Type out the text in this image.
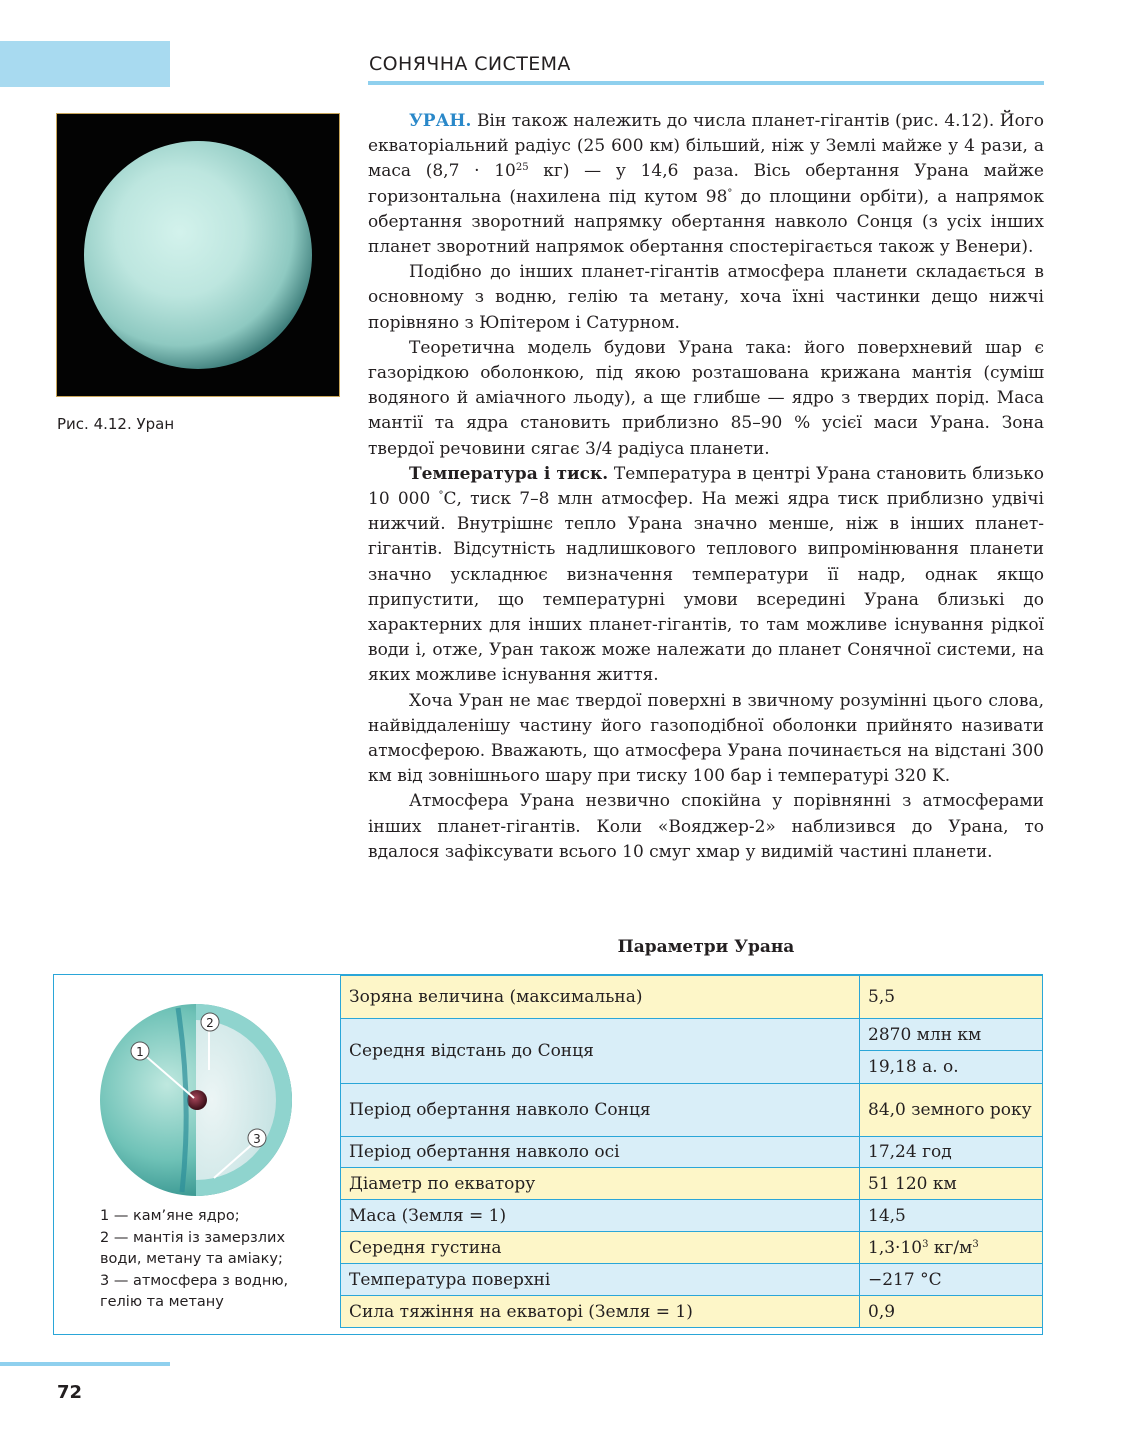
СОНЯЧНА СИСТЕМА
Рис. 4.12. Уран

УРАН. Він також належить до числа планет-гігантів (рис. 4.12). Його екваторіальний радіус (25 600 км) більший, ніж у Землі майже у 4 рази, а маса ($8,7 \cdot 10^{25}$ кг) — у 14,6 раза. Вісь обертання Урана майже горизонтальна (нахилена під кутом 98° до площини орбіти), а напрямок обертання зворотний напрямку обертання навколо Сонця (з усіх інших планет зворотний напрямок обертання спостерігається також у Венери).

Подібно до інших планет-гігантів атмосфера планети складається в основному з водню, гелію та метану, хоча їхні частинки дещо нижчі порівняно з Юпітером і Сатурном.

Теоретична модель будови Урана така: його поверхневий шар є газорідкою оболонкою, під якою розташована крижана мантія (суміш водяного й аміачного льоду), а ще глибше — ядро з твердих порід. Маса мантії та ядра становить приблизно 85–90 % усієї маси Урана. Зона твердої речовини сягає 3/4 радіуса планети.

Температура і тиск. Температура в центрі Урана становить близько 10 000 °С, тиск 7–8 млн атмосфер. На межі ядра тиск приблизно удвічі нижчий. Внутрішнє тепло Урана значно менше, ніж в інших планет-гігантів. Відсутність надлишкового теплового випромінювання планети значно ускладнює визначення температури її надр, однак якщо припустити, що температурні умови всередині Урана близькі до характерних для інших планет-гігантів, то там можливе існування рідкої води і, отже, Уран також може належати до планет Сонячної системи, на яких можливе існування життя.

Хоча Уран не має твердої поверхні в звичному розумінні цього слова, найвіддаленішу частину його газоподібної оболонки прийнято називати атмосферою. Вважають, що атмосфера Урана починається на відстані 300 км від зовнішнього шару при тиску 100 бар і температурі 320 K.

Атмосфера Урана незвично спокійна у порівнянні з атмосферами інших планет-гігантів. Коли «Вояджер-2» наблизився до Урана, то вдалося зафіксувати всього 10 смуг хмар у видимій частині планети.

Параметри Урана
1
2
3
1 — кам’яне ядро;
2 — мантія із замерзлих
води, метану та аміаку;
3 — атмосфера з водню,
гелію та метану
Зоряна величина (максимальна)	5,5
Середня відстань до Сонця	2870 млн км
	19,18 а. о.
Період обертання навколо Сонця	84,0 земного року
Період обертання навколо осі	17,24 год
Діаметр по екватору	51 120 км
Маса (Земля = 1)	14,5
Середня густина	$1,3\cdot 10^3$ $кг/м^3$
Температура поверхні	−217 °С
Сила тяжіння на екваторі (Земля = 1)	0,9
72
